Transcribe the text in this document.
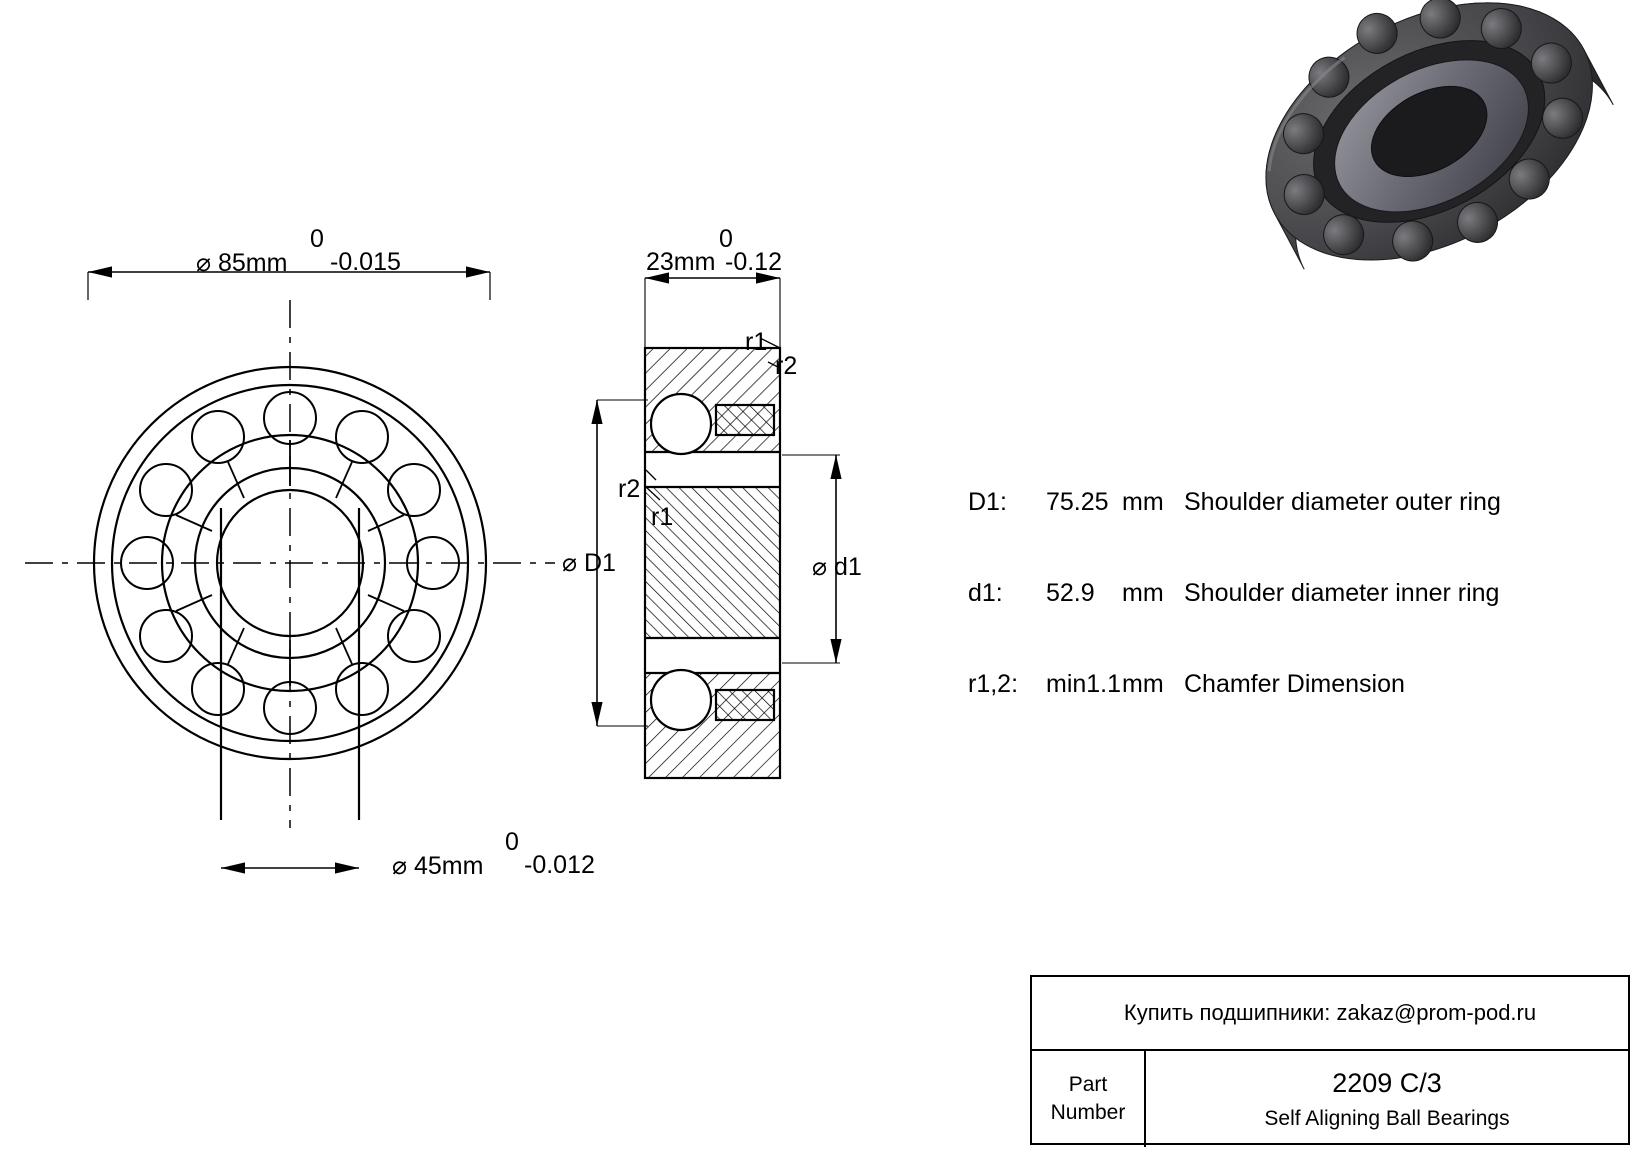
0
⌀ 85mm -0.015
0
⌀ 45mm -0.012
0
23mm -0.12
r1
r2
r2
r1
⌀ D1	⌀ d1
D1:	75.25 mm Shoulder diameter outer ring
d1:	52.9	mm Shoulder diameter inner ring
r1,2:	min1.1 mm Chamfer Dimension
Купить подшипники: zakaz@prom-pod.ru
Part
Number
2209 C/3
Self Aligning Ball Bearings
